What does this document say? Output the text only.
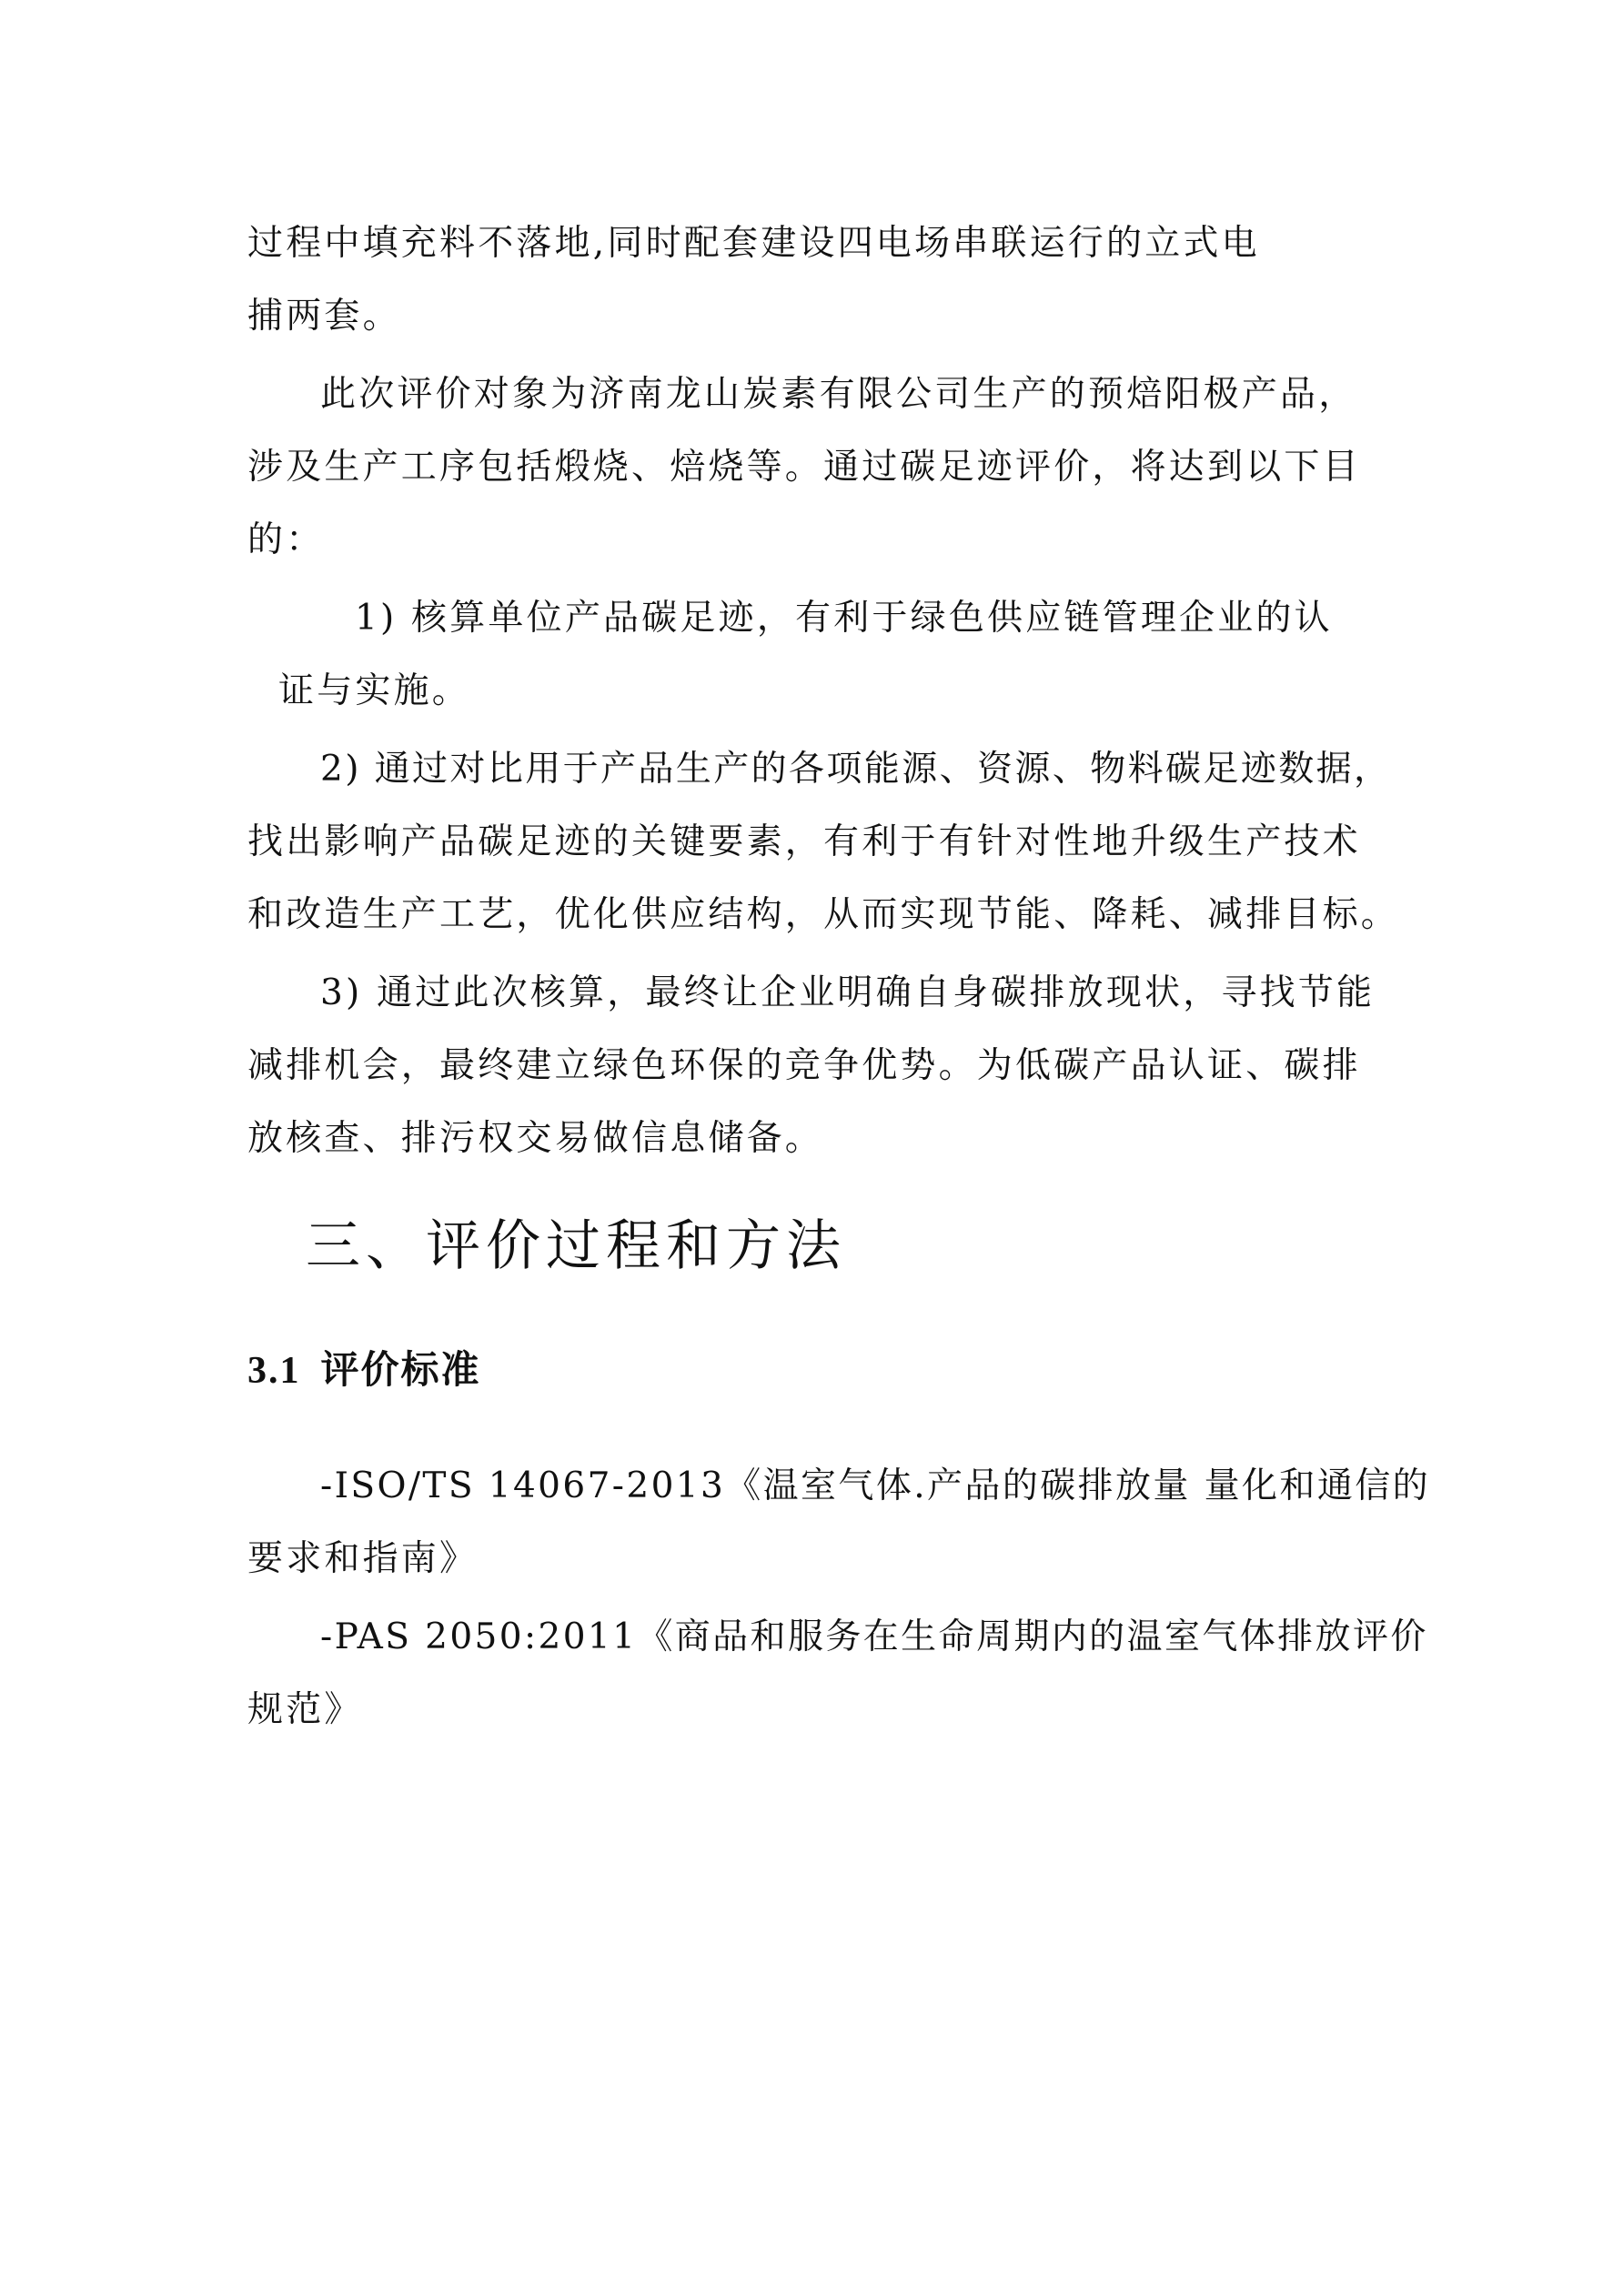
过程中填充料不落地,同时配套建设四电场串联运行的立式电
捕两套。
此次评价对象为济南龙山炭素有限公司生产的预焙阳极产品，
涉及生产工序包括煅烧、焙烧等。通过碳足迹评价，将达到以下目
的：
1) 核算单位产品碳足迹，有利于绿色供应链管理企业的认
证与实施。
2) 通过对比用于产品生产的各项能源、资源、物料碳足迹数据，
找出影响产品碳足迹的关键要素，有利于有针对性地升级生产技术
和改造生产工艺，优化供应结构，从而实现节能、降耗、减排目标。
3) 通过此次核算，最终让企业明确自身碳排放现状，寻找节能
减排机会，最终建立绿色环保的竞争优势。为低碳产品认证、碳排
放核查、排污权交易做信息储备。
三、评价过程和方法
3.1 评价标准
-ISO/TS 14067-2013《温室气体.产品的碳排放量 量化和通信的
要求和指南》
-PAS 2050:2011《商品和服务在生命周期内的温室气体排放评价
规范》
